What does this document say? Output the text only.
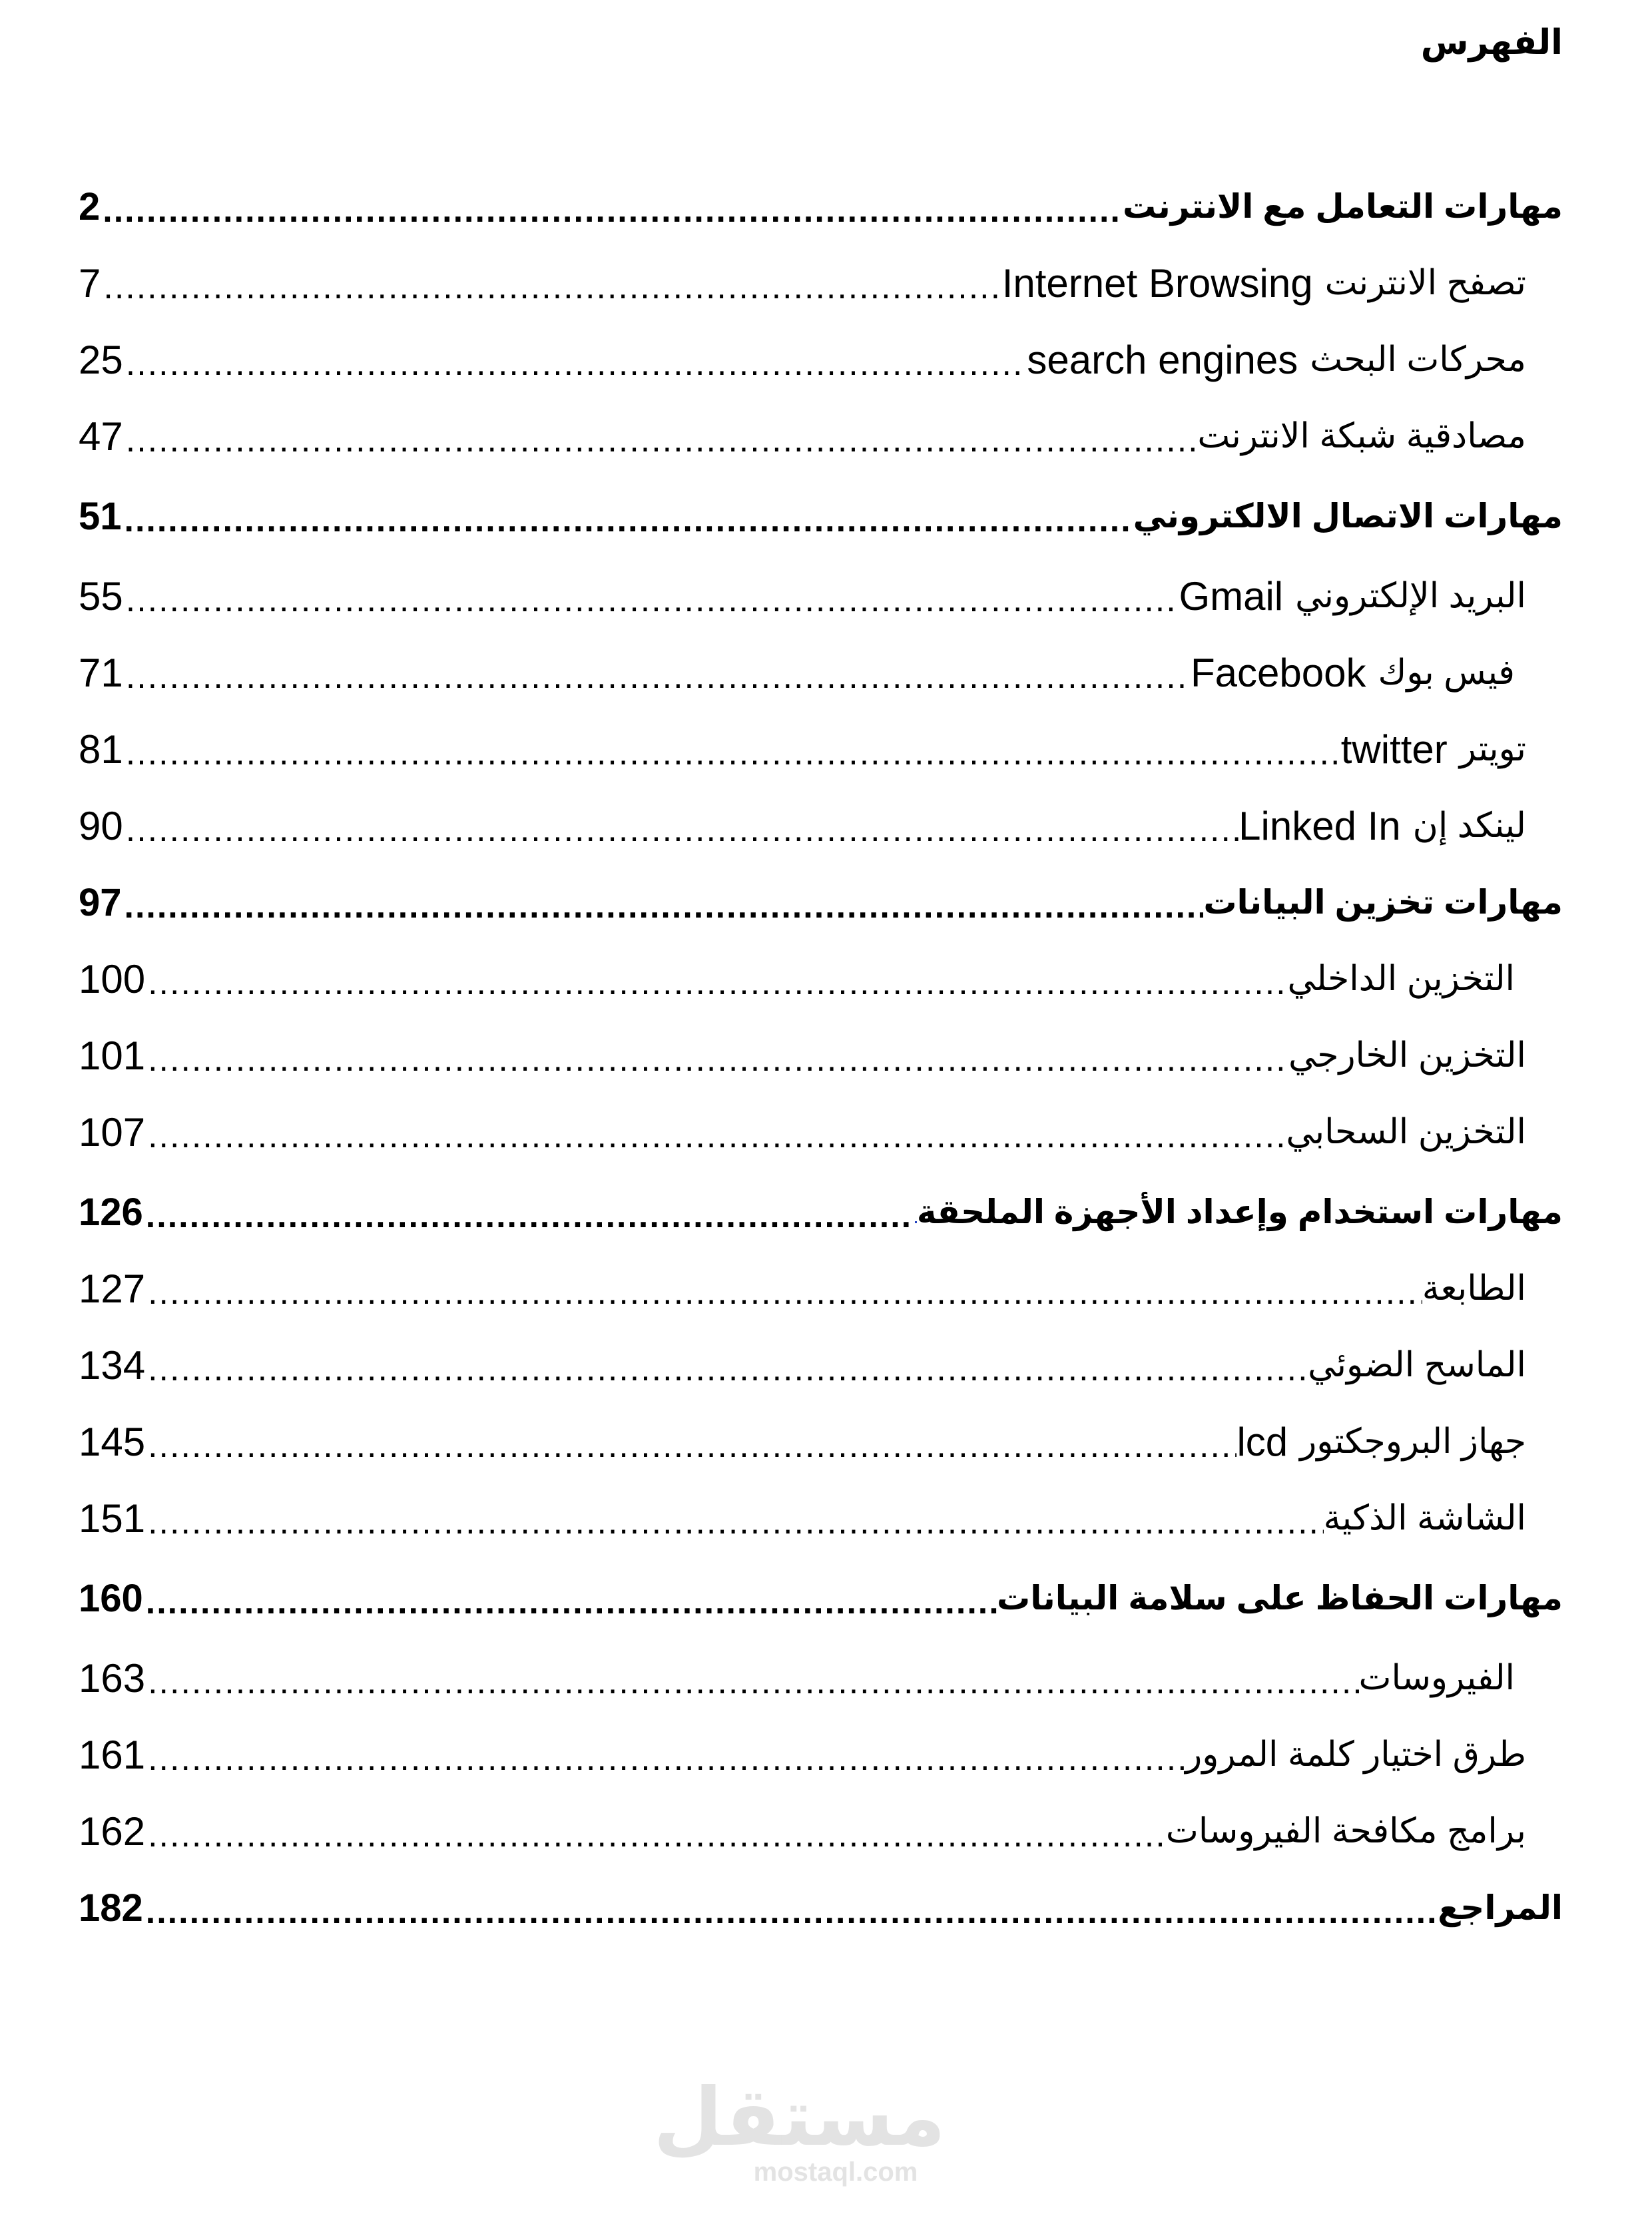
الفهرس
مهارات التعامل مع الانترنت
.....
2
تصفح الانترنت
Internet Browsing
.....
7
محركات البحث
search engines
.....
25
مصادقية شبكة الانترنت
.....
47
مهارات الاتصال الالكتروني
.....
51
البريد الإلكتروني
Gmail
.....
55
فيس بوك
Facebook
.....
71
تويتر
twitter
.....
81
لينكد إن
Linked In
.....
90
مهارات تخزين البيانات
.....
97
التخزين الداخلي
.....
100
التخزين الخارجي
.....
101
التخزين السحابي
.....
107
مهارات استخدام وإعداد الأجهزة الملحقة
.....
126
الطابعة
.....
127
الماسح الضوئي
.....
134
جهاز البروجكتور
lcd
.....
145
الشاشة الذكية
.....
151
مهارات الحفاظ على سلامة البيانات
.....
160
الفيروسات
.....
163
طرق اختيار كلمة المرور
.....
161
برامج مكافحة الفيروسات
.....
162
المراجع
.....
182
مستقل
mostaql.com
